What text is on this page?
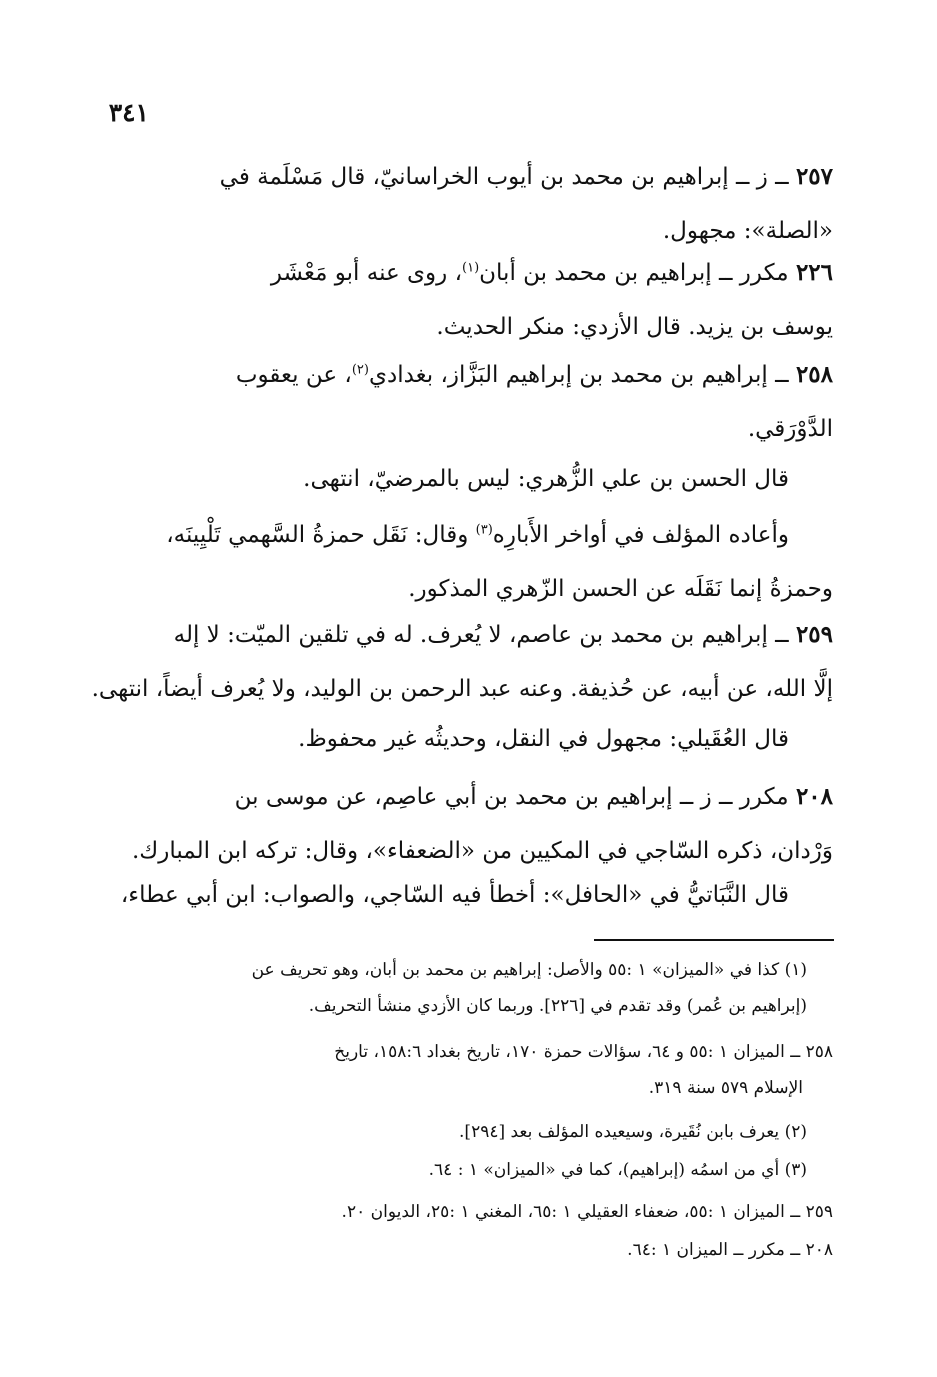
٣٤١
٢٥٧ ــ ز ــ إبراهيم بن محمد بن أيوب الخراسانيّ، قال مَسْلَمة في
«الصلة»: مجهول.
٢٢٦ مكرر ــ إبراهيم بن محمد بن أبان$^{(١)}$، روى عنه أبو مَعْشَر
يوسف بن يزيد. قال الأزدي: منكر الحديث.
٢٥٨ ــ إبراهيم بن محمد بن إبراهيم البَزَّاز، بغدادي$^{(٢)}$، عن يعقوب
الدَّوْرَقي.
قال الحسن بن علي الزُّهري: ليس بالمرضيّ، انتهى.
وأعاده المؤلف في أواخر الأَبارِه$^{(٣)}$ وقال: نَقَل حمزةُ السَّهمي تَلْيِينَه،
وحمزةُ إنما نَقَلَه عن الحسن الزّهري المذكور.
٢٥٩ ــ إبراهيم بن محمد بن عاصم، لا يُعرف. له في تلقين الميّت: لا إله
إلَّا الله، عن أبيه، عن حُذيفة. وعنه عبد الرحمن بن الوليد، ولا يُعرف أيضاً، انتهى.
قال العُقَيلي: مجهول في النقل، وحديثُه غير محفوظ.
٢٠٨ مكرر ــ ز ــ إبراهيم بن محمد بن أبي عاصِم، عن موسى بن
وَرْدان، ذكره السّاجي في المكيين من «الضعفاء»، وقال: تركه ابن المبارك.
قال النَّبَاتيُّ في «الحافل»: أخطأ فيه السّاجي، والصواب: ابن أبي عطاء،
(١) كذا في «الميزان» ١ :٥٥ والأصل: إبراهيم بن محمد بن أبان، وهو تحريف عن
(إبراهيم بن عُمر) وقد تقدم في [٢٢٦]. وربما كان الأزدي منشأ التحريف.
٢٥٨ ــ الميزان ١ :٥٥ و ٦٤، سؤالات حمزة ١٧٠، تاريخ بغداد ١٥٨:٦، تاريخ
الإسلام ٥٧٩ سنة ٣١٩.
(٢) يعرف بابن نُقَيرة، وسيعيده المؤلف بعد [٢٩٤].
(٣) أي من اسمُه (إبراهيم)، كما في «الميزان» ١ : ٦٤.
٢٥٩ ــ الميزان ١ :٥٥، ضعفاء العقيلي ١ :٦٥، المغني ١ :٢٥، الديوان ٢٠.
٢٠٨ ــ مكرر ــ الميزان ١ :٦٤.
